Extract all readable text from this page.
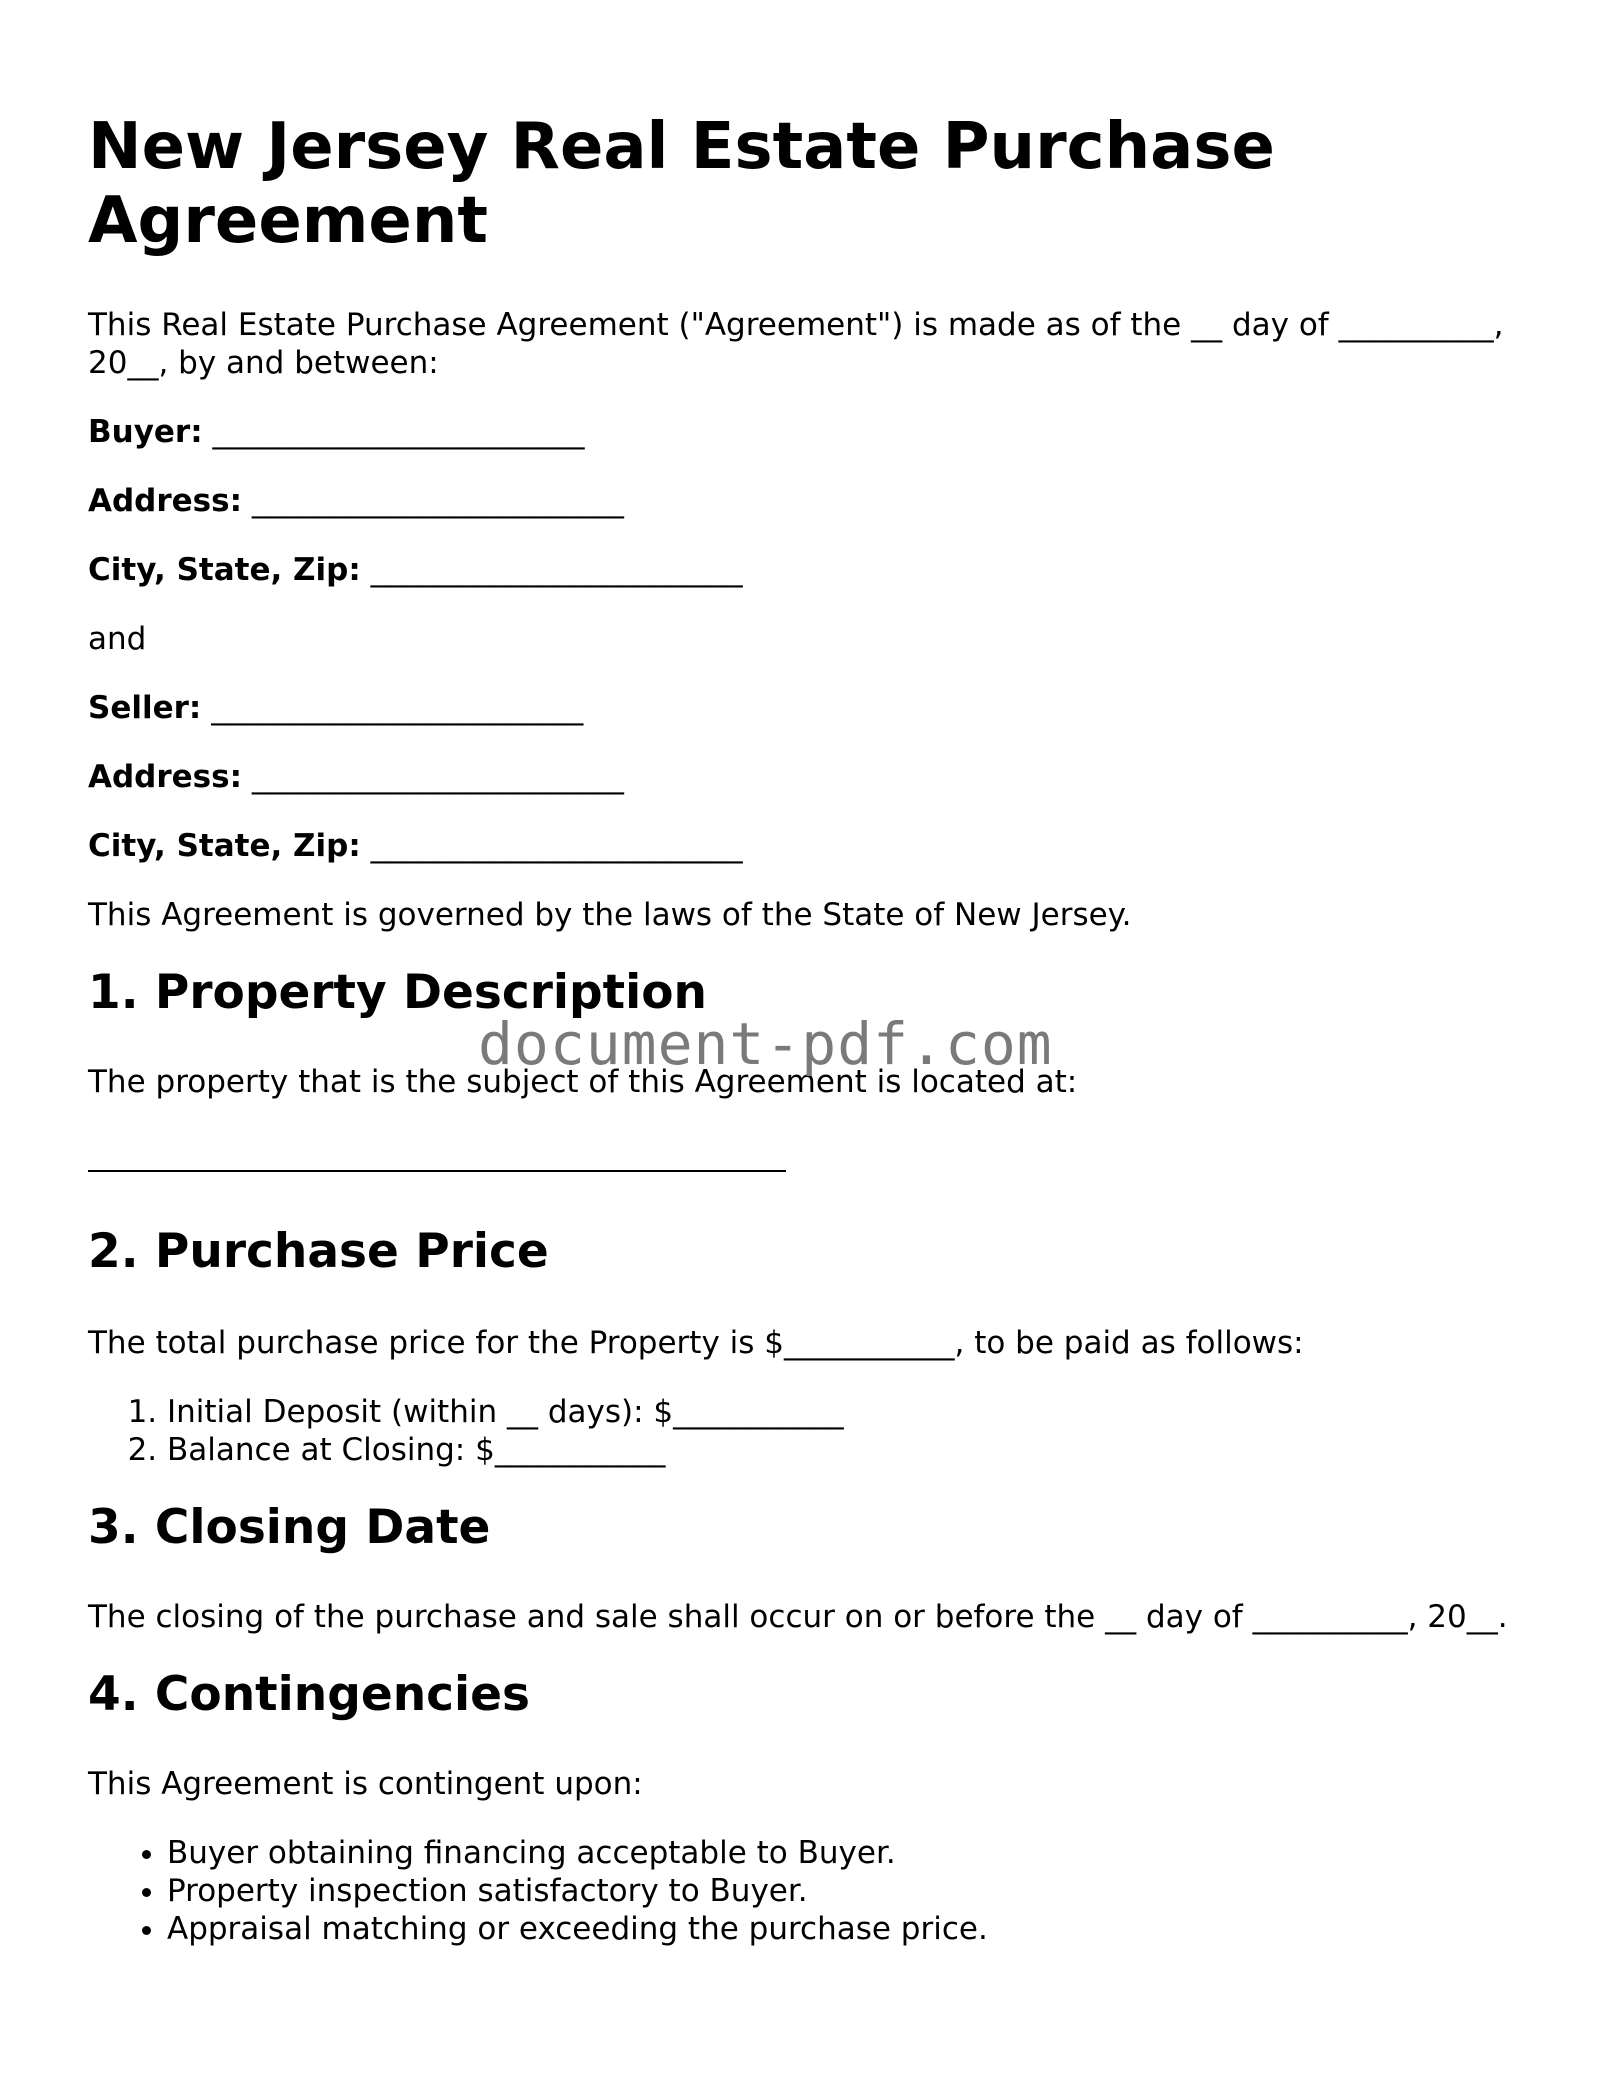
New Jersey Real Estate Purchase Agreement

This Real Estate Purchase Agreement ("Agreement") is made as of the __ day of __________, 20__, by and between:

Buyer: ________________________
Address: ________________________
City, State, Zip: ________________________

and

Seller: ________________________
Address: ________________________
City, State, Zip: ________________________

This Agreement is governed by the laws of the State of New Jersey.

1. Property Description

The property that is the subject of this Agreement is located at:

2. Purchase Price

The total purchase price for the Property is $___________, to be paid as follows:

1. Initial Deposit (within __ days): $___________
2. Balance at Closing: $___________
3. Closing Date

The closing of the purchase and sale shall occur on or before the __ day of __________, 20__.

4. Contingencies

This Agreement is contingent upon:

• Buyer obtaining financing acceptable to Buyer.
• Property inspection satisfactory to Buyer.
• Appraisal matching or exceeding the purchase price.
document-pdf.com
